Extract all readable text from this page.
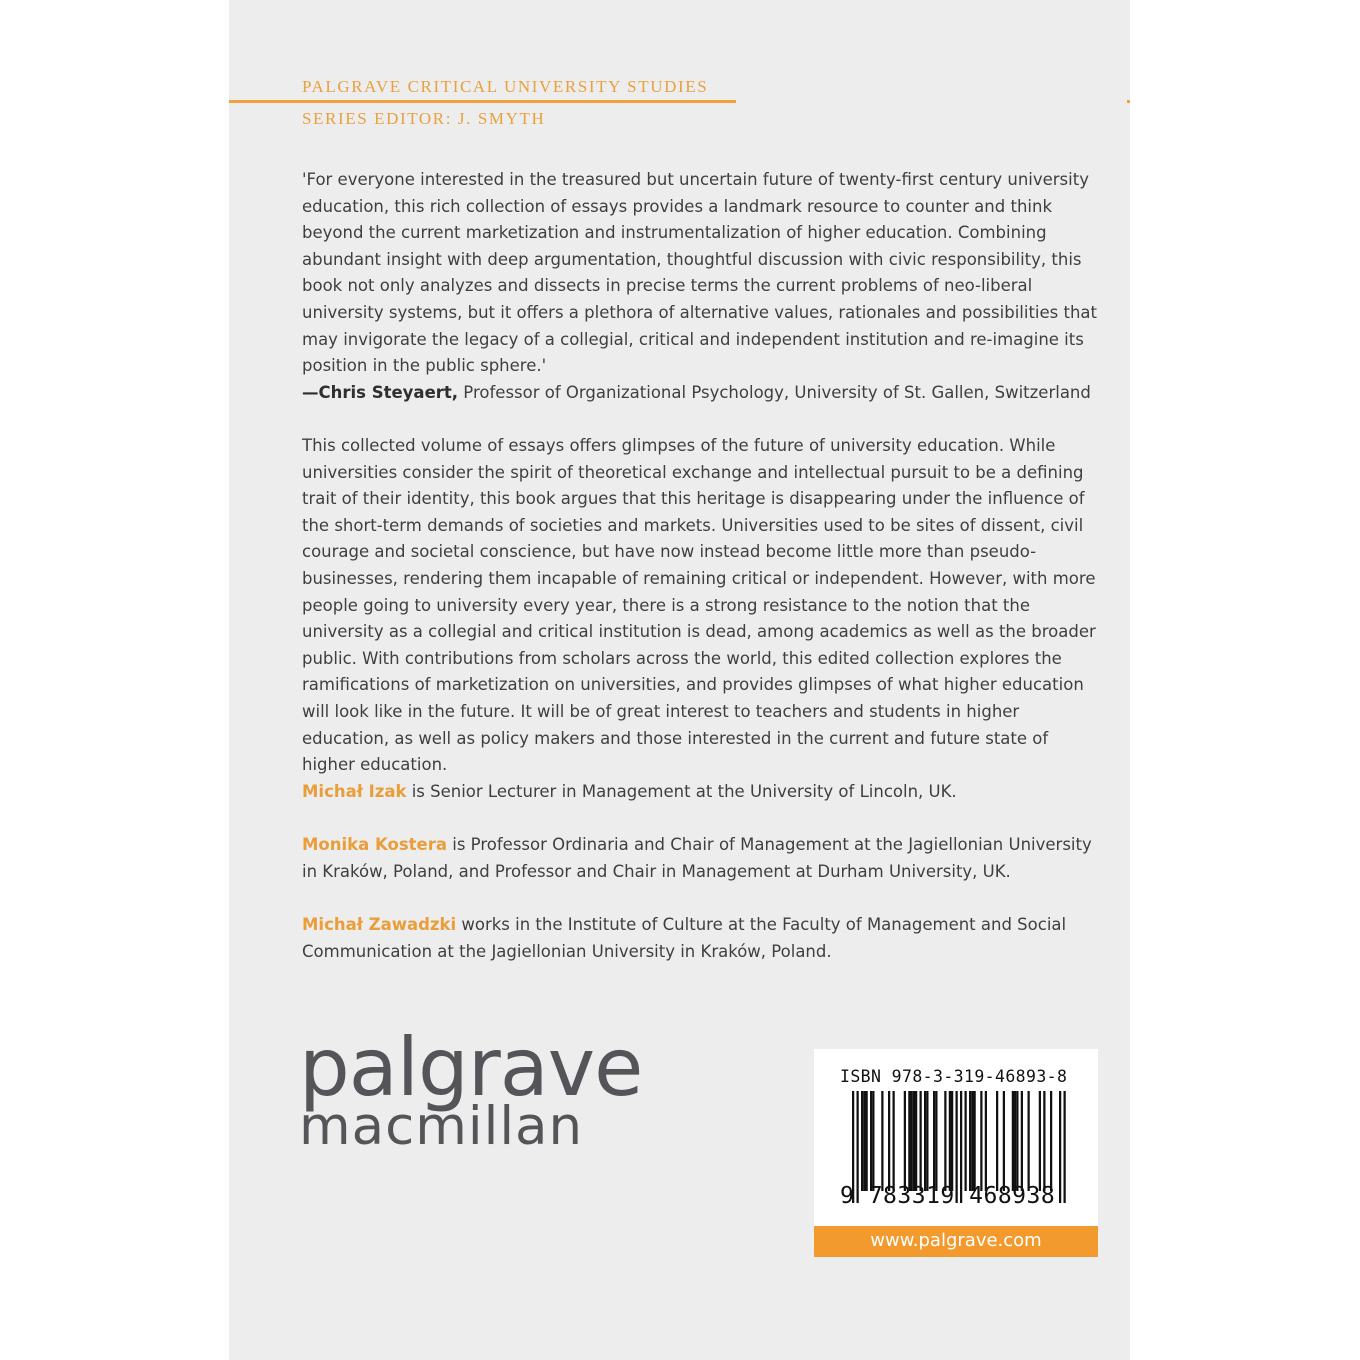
PALGRAVE CRITICAL UNIVERSITY STUDIES
SERIES EDITOR: J. SMYTH

'For everyone interested in the treasured but uncertain future of twenty-first century university education, this rich collection of essays provides a landmark resource to counter and think beyond the current marketization and instrumentalization of higher education. Combining abundant insight with deep argumentation, thoughtful discussion with civic responsibility, this book not only analyzes and dissects in precise terms the current problems of neo-liberal university systems, but it offers a plethora of alternative values, rationales and possibilities that may invigorate the legacy of a collegial, critical and independent institution and re-imagine its position in the public sphere.'

—Chris Steyaert, Professor of Organizational Psychology, University of St. Gallen, Switzerland

This collected volume of essays offers glimpses of the future of university education. While universities consider the spirit of theoretical exchange and intellectual pursuit to be a defining trait of their identity, this book argues that this heritage is disappearing under the influence of the short-term demands of societies and markets. Universities used to be sites of dissent, civil courage and societal conscience, but have now instead become little more than pseudo-businesses, rendering them incapable of remaining critical or independent. However, with more people going to university every year, there is a strong resistance to the notion that the university as a collegial and critical institution is dead, among academics as well as the broader public. With contributions from scholars across the world, this edited collection explores the ramifications of marketization on universities, and provides glimpses of what higher education will look like in the future. It will be of great interest to teachers and students in higher education, as well as policy makers and those interested in the current and future state of higher education.

Michał Izak is Senior Lecturer in Management at the University of Lincoln, UK.

Monika Kostera is Professor Ordinaria and Chair of Management at the Jagiellonian University in Kraków, Poland, and Professor and Chair in Management at Durham University, UK.

Michał Zawadzki works in the Institute of Culture at the Faculty of Management and Social Communication at the Jagiellonian University in Kraków, Poland.

palgrave
macmillan
ISBN 978-3-319-46893-8
9 783319 468938
www.palgrave.com
